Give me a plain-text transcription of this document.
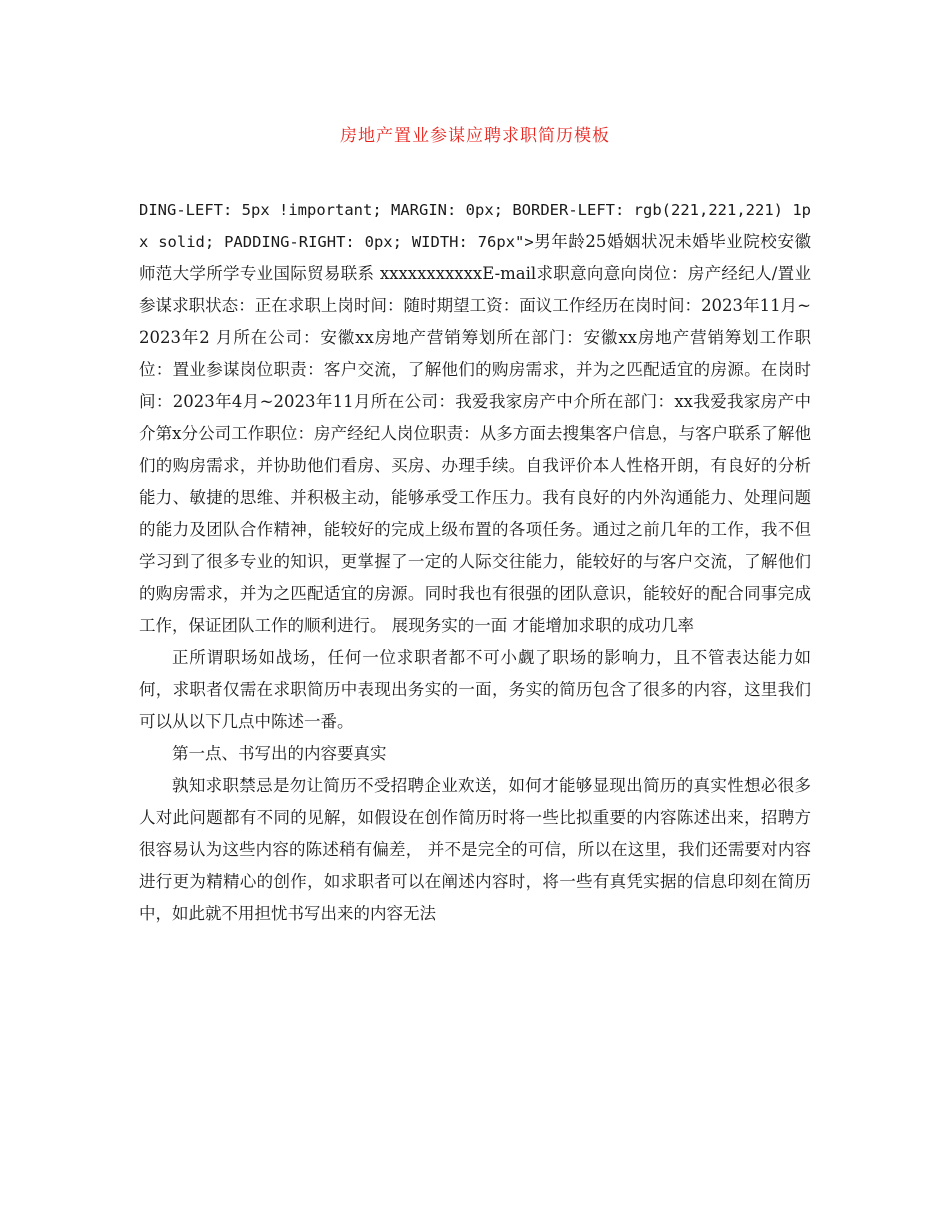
房地产置业参谋应聘求职简历模板

DING-LEFT: 5px !important; MARGIN: 0px; BORDER-LEFT: rgb(221,221,221) 1px solid; PADDING-RIGHT: 0px; WIDTH: 76px">男年龄25婚姻状况未婚毕业院校安徽师范大学所学专业国际贸易联系 xxxxxxxxxxxE-mail求职意向意向岗位：房产经纪人/置业参谋求职状态：正在求职上岗时间：随时期望工资：面议工作经历在岗时间：2023年11月~2023年2 月所在公司：安徽xx房地产营销筹划所在部门：安徽xx房地产营销筹划工作职位：置业参谋岗位职责：客户交流，了解他们的购房需求，并为之匹配适宜的房源。在岗时间：2023年4月~2023年11月所在公司：我爱我家房产中介所在部门：xx我爱我家房产中介第x分公司工作职位：房产经纪人岗位职责：从多方面去搜集客户信息，与客户联系了解他们的购房需求，并协助他们看房、买房、办理手续。自我评价本人性格开朗，有良好的分析能力、敏捷的思维、并积极主动，能够承受工作压力。我有良好的内外沟通能力、处理问题的能力及团队合作精神，能较好的完成上级布置的各项任务。通过之前几年的工作，我不但学习到了很多专业的知识，更掌握了一定的人际交往能力，能较好的与客户交流，了解他们的购房需求，并为之匹配适宜的房源。同时我也有很强的团队意识，能较好的配合同事完成工作，保证团队工作的顺利进行。 展现务实的一面 才能增加求职的成功几率

正所谓职场如战场，任何一位求职者都不可小觑了职场的影响力，且不管表达能力如何，求职者仅需在求职简历中表现出务实的一面，务实的简历包含了很多的内容，这里我们可以从以下几点中陈述一番。

第一点、书写出的内容要真实

孰知求职禁忌是勿让简历不受招聘企业欢送，如何才能够显现出简历的真实性想必很多人对此问题都有不同的见解，如假设在创作简历时将一些比拟重要的内容陈述出来，招聘方很容易认为这些内容的陈述稍有偏差， 并不是完全的可信，所以在这里，我们还需要对内容进行更为精精心的创作，如求职者可以在阐述内容时，将一些有真凭实据的信息印刻在简历中，如此就不用担忧书写出来的内容无法
